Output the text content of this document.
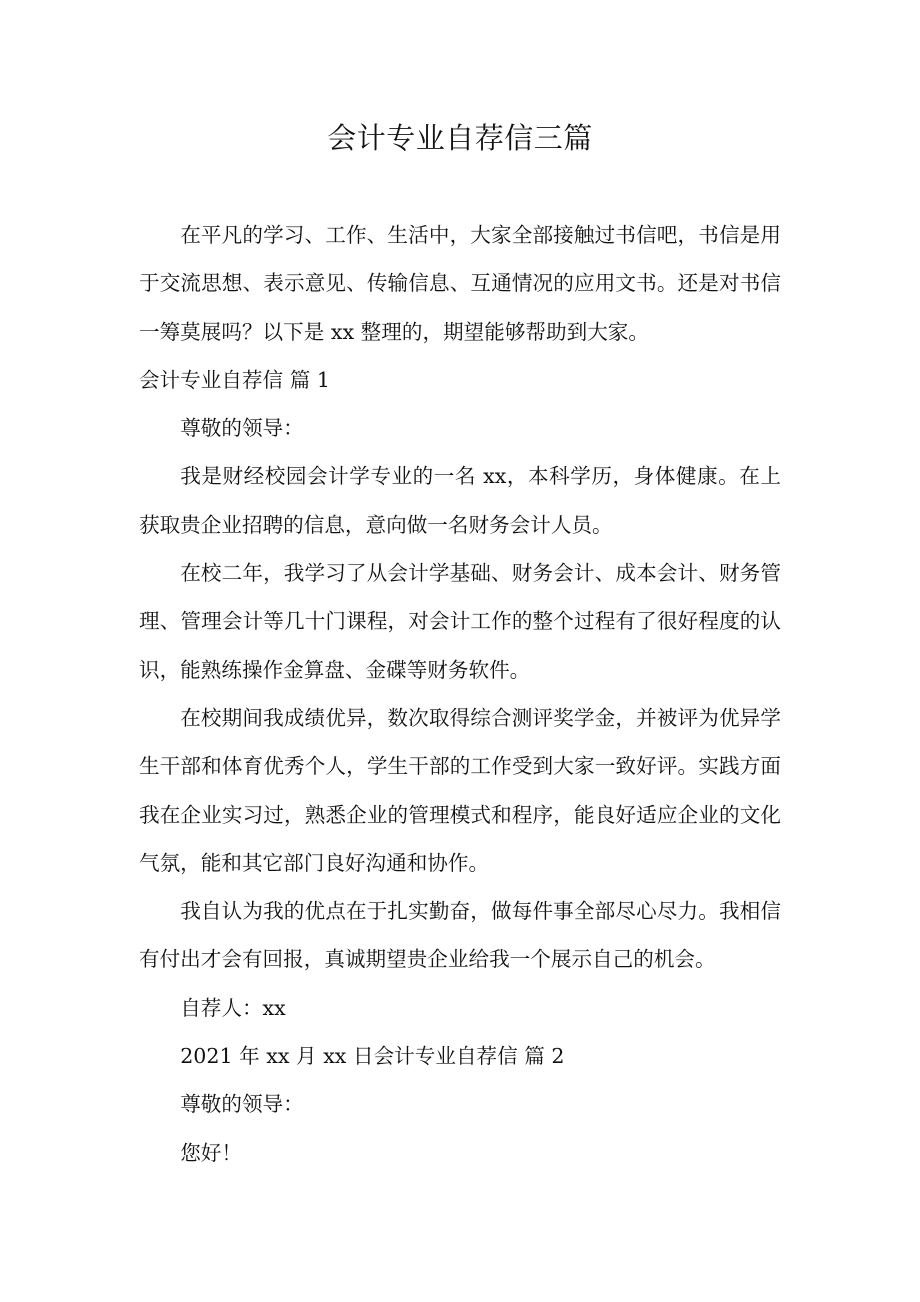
会计专业自荐信三篇

在平凡的学习、工作、生活中，大家全部接触过书信吧，书信是用于交流思想、表示意见、传输信息、互通情况的应用文书。还是对书信一筹莫展吗？以下是 xx 整理的，期望能够帮助到大家。

会计专业自荐信 篇 1

尊敬的领导：

我是财经校园会计学专业的一名 xx，本科学历，身体健康。在上获取贵企业招聘的信息，意向做一名财务会计人员。

在校二年，我学习了从会计学基础、财务会计、成本会计、财务管理、管理会计等几十门课程，对会计工作的整个过程有了很好程度的认识，能熟练操作金算盘、金碟等财务软件。

在校期间我成绩优异，数次取得综合测评奖学金，并被评为优异学生干部和体育优秀个人，学生干部的工作受到大家一致好评。实践方面我在企业实习过，熟悉企业的管理模式和程序，能良好适应企业的文化气氛，能和其它部门良好沟通和协作。

我自认为我的优点在于扎实勤奋，做每件事全部尽心尽力。我相信有付出才会有回报，真诚期望贵企业给我一个展示自己的机会。

自荐人：xx

2021 年 xx 月 xx 日会计专业自荐信 篇 2

尊敬的领导：

您好！
